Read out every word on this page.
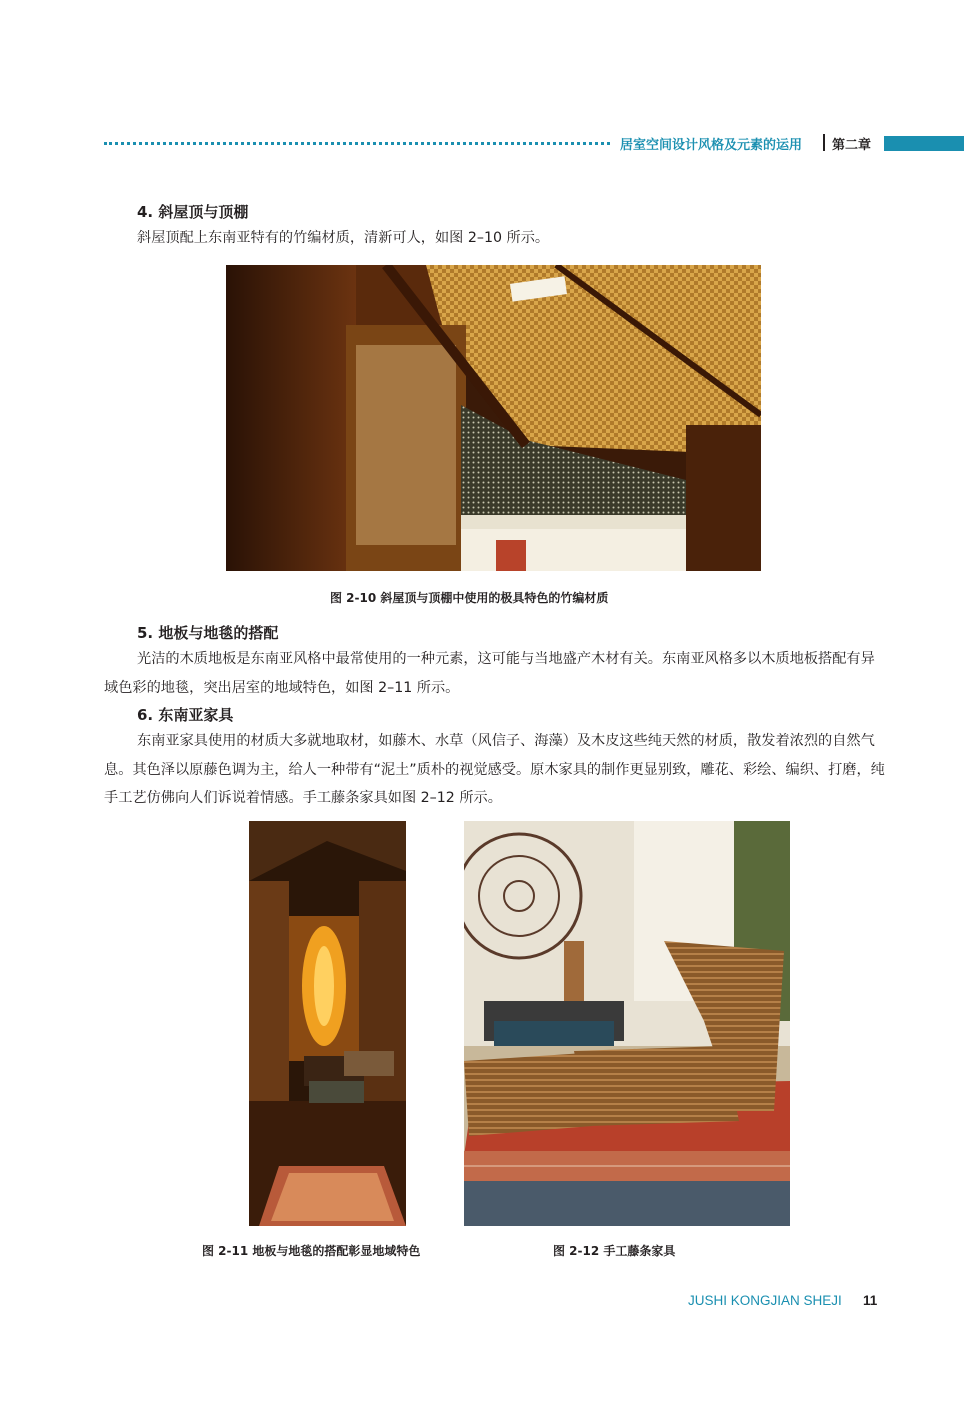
居室空间设计风格及元素的运用 第二章
4. 斜屋顶与顶棚
斜屋顶配上东南亚特有的竹编材质，清新可人，如图 2–10 所示。
图 2-10 斜屋顶与顶棚中使用的极具特色的竹编材质
5. 地板与地毯的搭配
光洁的木质地板是东南亚风格中最常使用的一种元素，这可能与当地盛产木材有关。东南亚风格多以木质地板搭配有异域色彩的地毯，突出居室的地域特色，如图 2–11 所示。
6. 东南亚家具
东南亚家具使用的材质大多就地取材，如藤木、水草（风信子、海藻）及木皮这些纯天然的材质，散发着浓烈的自然气息。其色泽以原藤色调为主，给人一种带有“泥土”质朴的视觉感受。原木家具的制作更显别致，雕花、彩绘、编织、打磨，纯手工艺仿佛向人们诉说着情感。手工藤条家具如图 2–12 所示。
图 2-11 地板与地毯的搭配彰显地域特色	图 2-12 手工藤条家具
JUSHI KONGJIAN SHEJI 11
